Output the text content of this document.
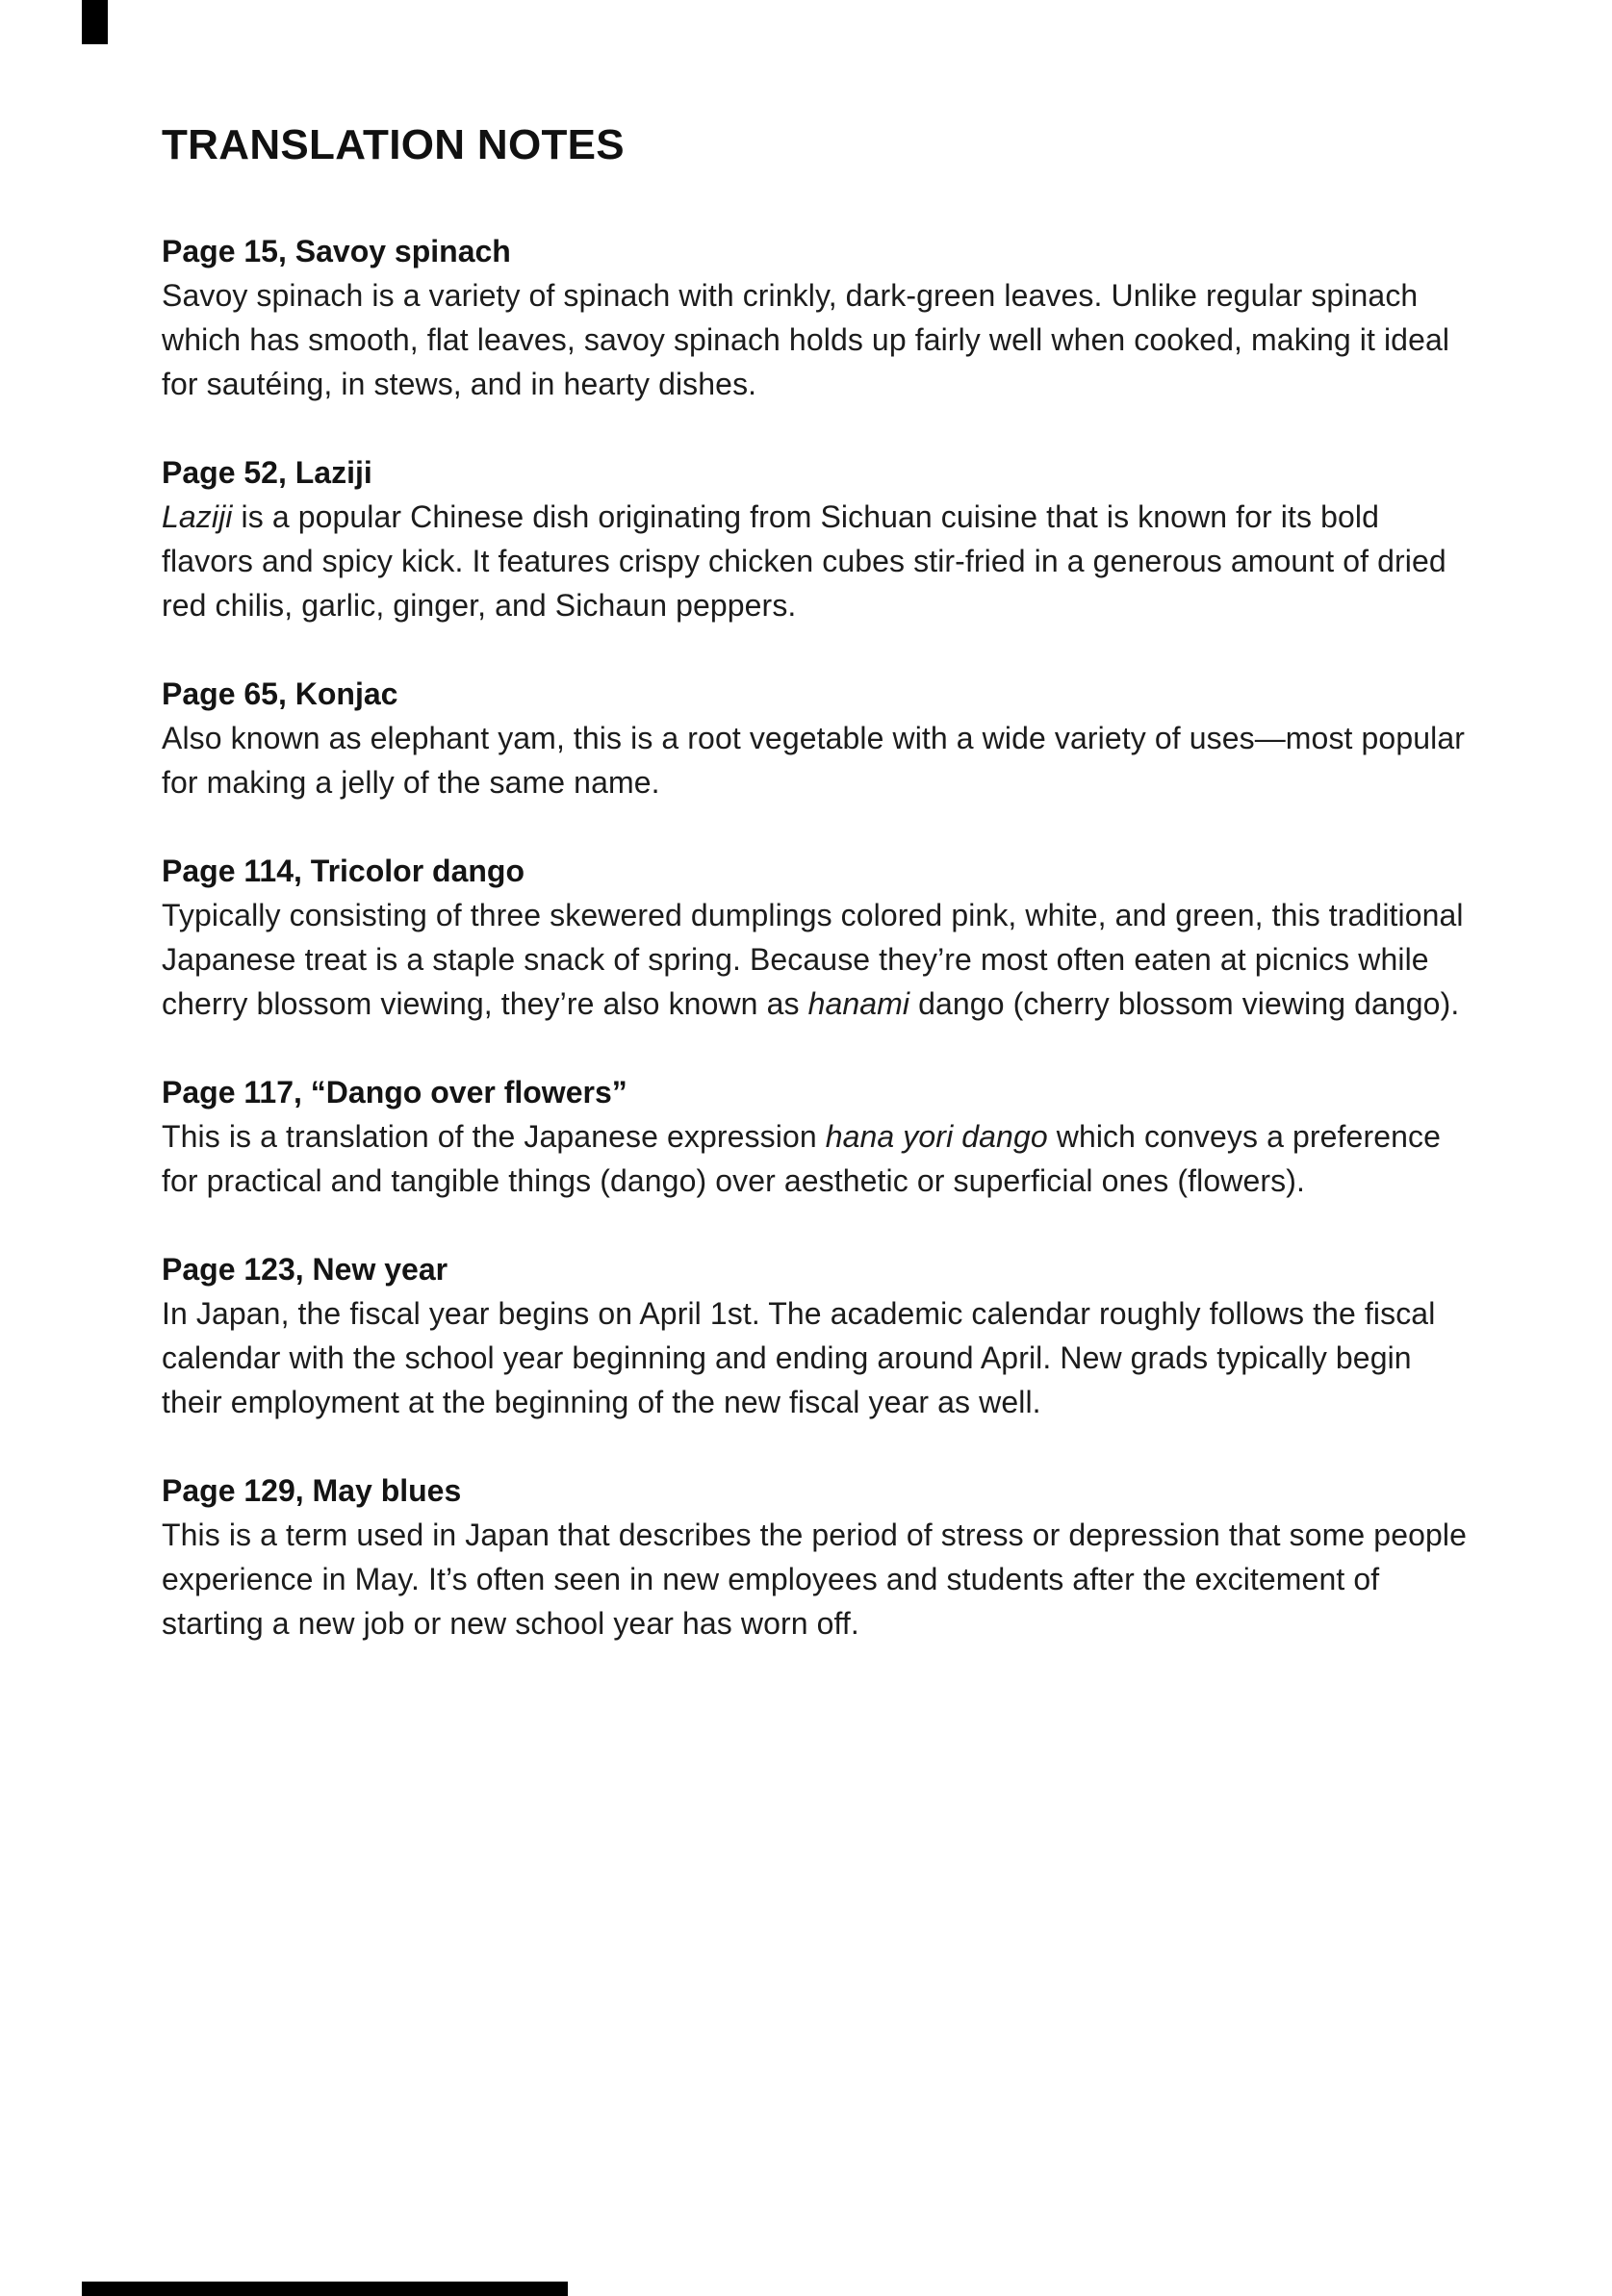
TRANSLATION NOTES
Page 15, Savoy spinach

Savoy spinach is a variety of spinach with crinkly, dark-green leaves. Unlike regular spinach which has smooth, flat leaves, savoy spinach holds up fairly well when cooked, making it ideal for sautéing, in stews, and in hearty dishes.

Page 52, Laziji

Laziji is a popular Chinese dish originating from Sichuan cuisine that is known for its bold flavors and spicy kick. It features crispy chicken cubes stir-fried in a generous amount of dried red chilis, garlic, ginger, and Sichaun peppers.

Page 65, Konjac

Also known as elephant yam, this is a root vegetable with a wide variety of uses—most popular for making a jelly of the same name.

Page 114, Tricolor dango

Typically consisting of three skewered dumplings colored pink, white, and green, this traditional Japanese treat is a staple snack of spring. Because they’re most often eaten at picnics while cherry blossom viewing, they’re also known as hanami dango (cherry blossom viewing dango).

Page 117, “Dango over flowers”

This is a translation of the Japanese expression hana yori dango which conveys a preference for practical and tangible things (dango) over aesthetic or superficial ones (flowers).

Page 123, New year

In Japan, the fiscal year begins on April 1st. The academic calendar roughly follows the fiscal calendar with the school year beginning and ending around April. New grads typically begin their employment at the beginning of the new fiscal year as well.

Page 129, May blues

This is a term used in Japan that describes the period of stress or depression that some people experience in May. It’s often seen in new employees and students after the excitement of starting a new job or new school year has worn off.
